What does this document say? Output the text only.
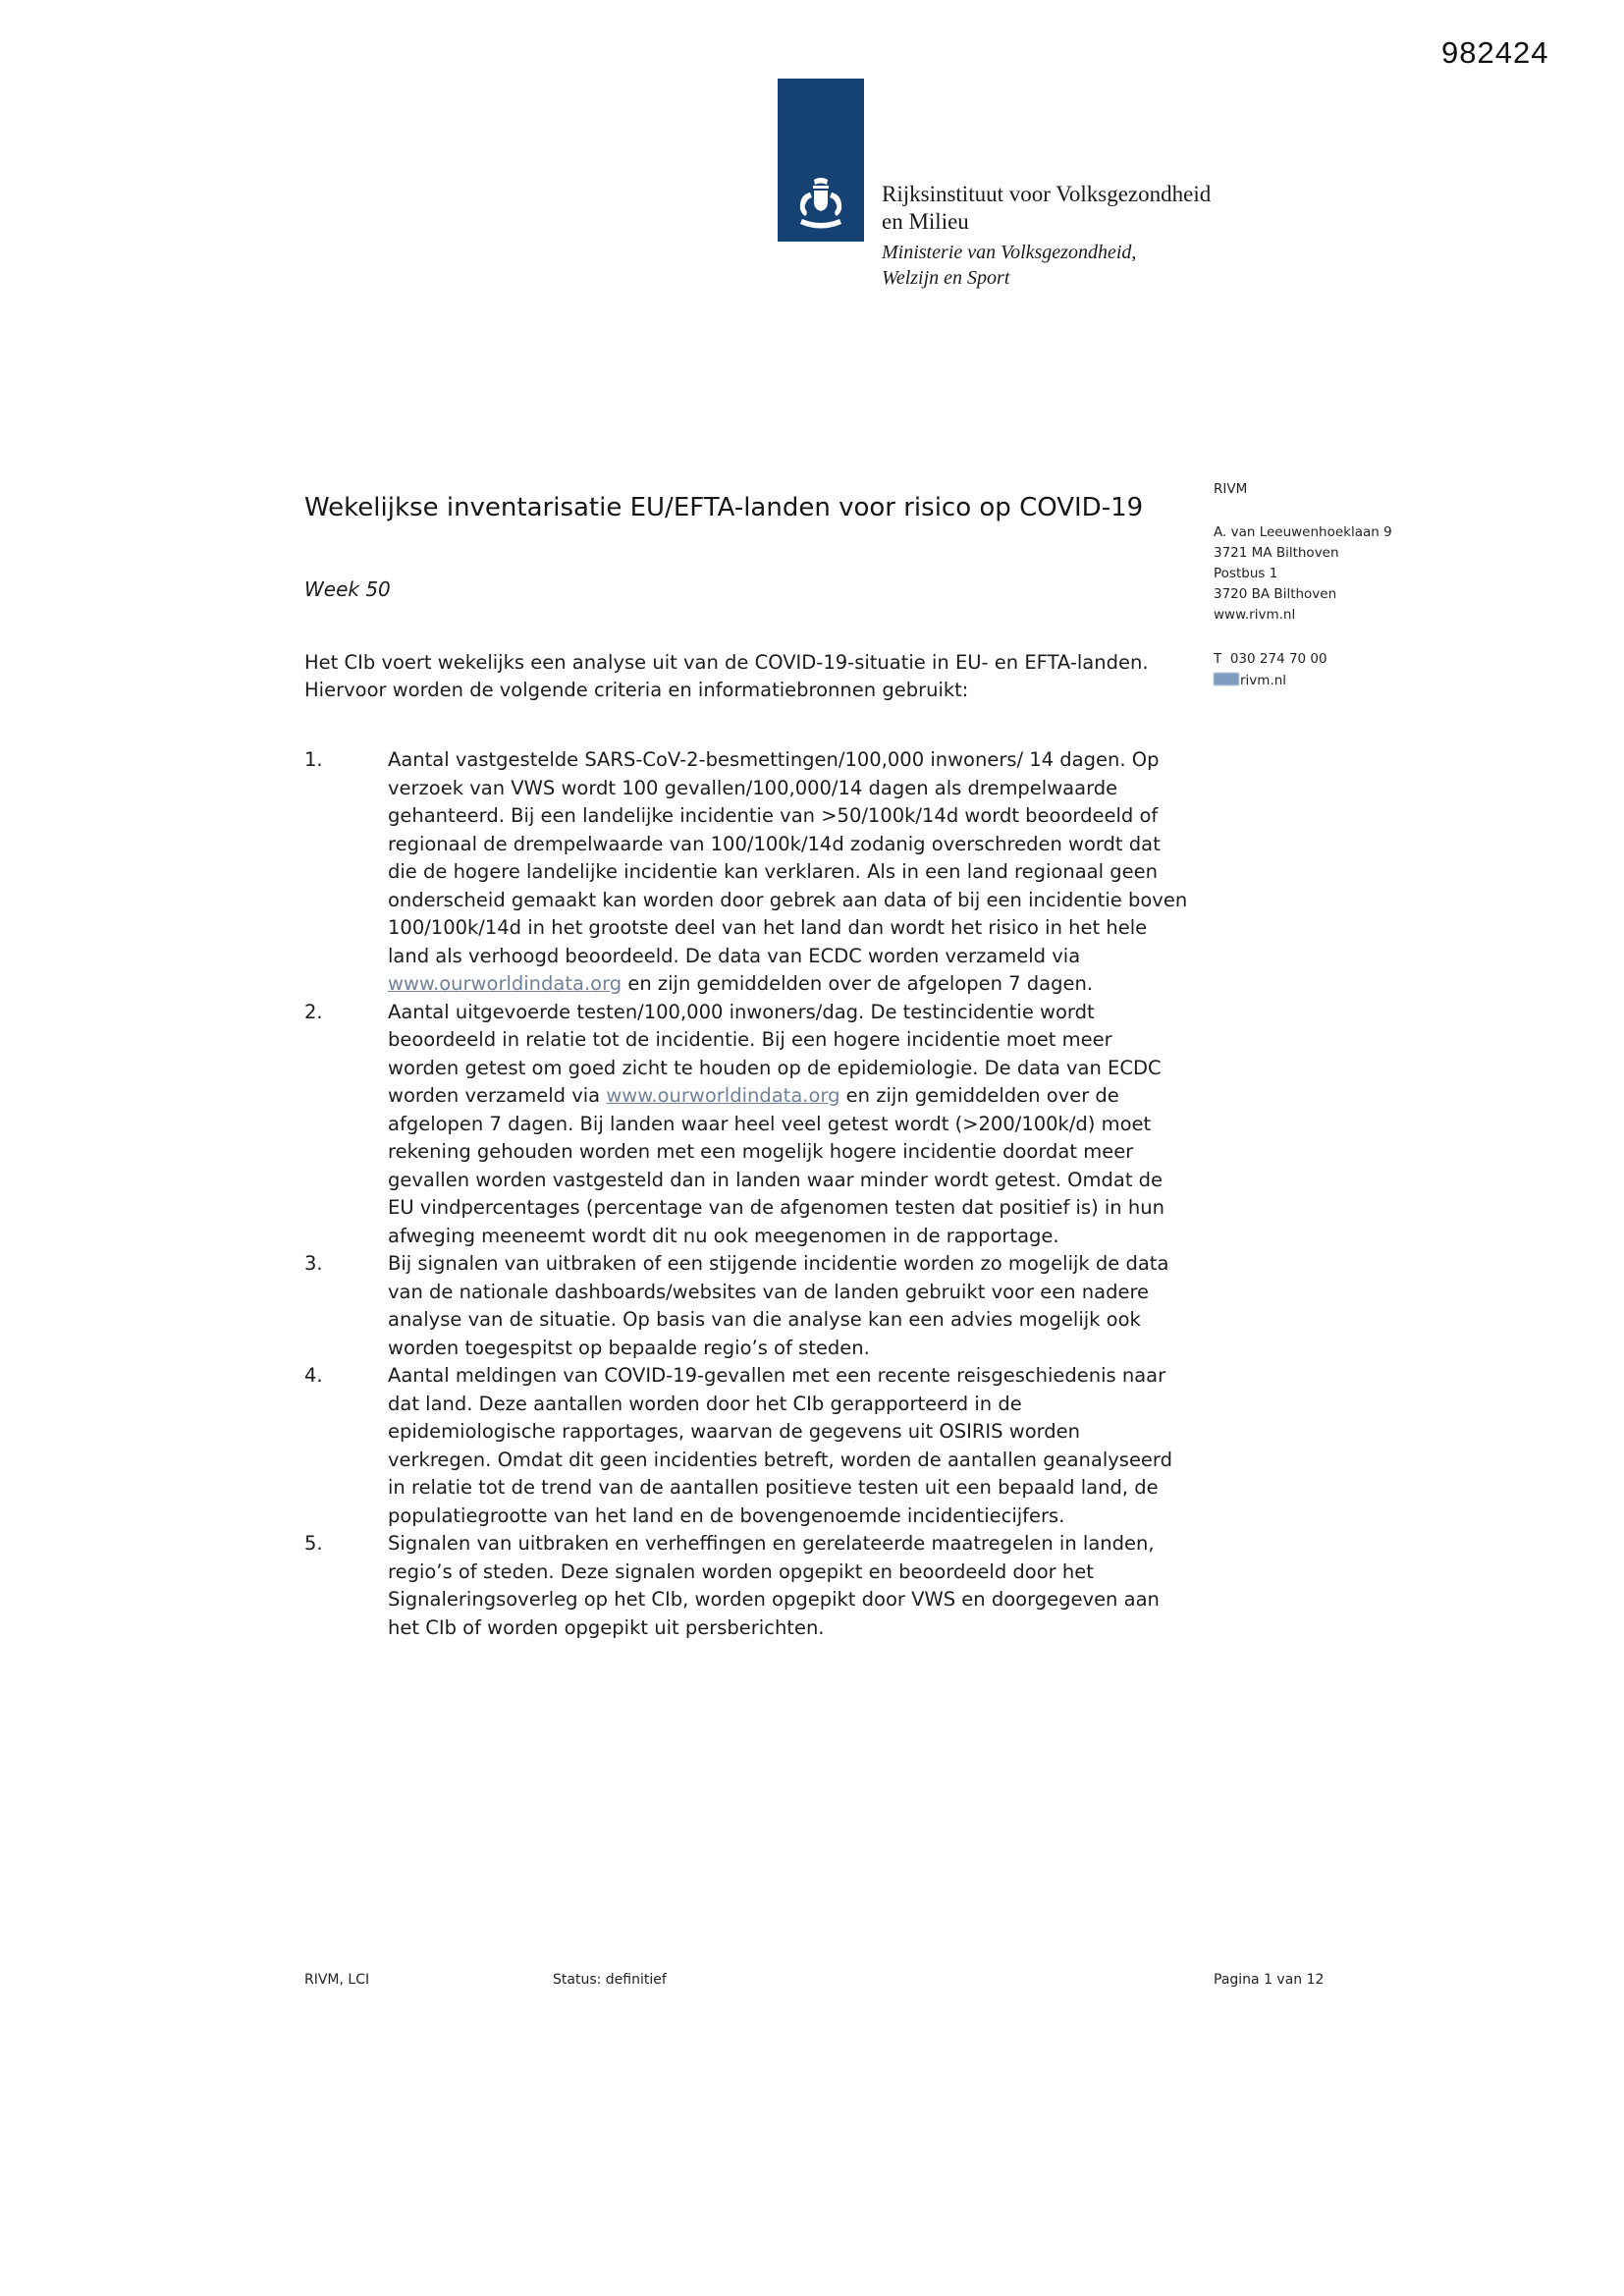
982424
Rijksinstituut voor Volksgezondheid
en Milieu
Ministerie van Volksgezondheid,
Welzijn en Sport
Wekelijkse inventarisatie EU/EFTA-landen voor risico op COVID-19
Week 50

Het CIb voert wekelijks een analyse uit van de COVID-19-situatie in EU- en EFTA-landen. Hiervoor worden de volgende criteria en informatiebronnen gebruikt:

1.	Aantal vastgestelde SARS-CoV-2-besmettingen/100,000 inwoners/ 14 dagen. Op verzoek van VWS wordt 100 gevallen/100,000/14 dagen als drempelwaarde gehanteerd. Bij een landelijke incidentie van >50/100k/14d wordt beoordeeld of regionaal de drempelwaarde van 100/100k/14d zodanig overschreden wordt dat die de hogere landelijke incidentie kan verklaren. Als in een land regionaal geen onderscheid gemaakt kan worden door gebrek aan data of bij een incidentie boven 100/100k/14d in het grootste deel van het land dan wordt het risico in het hele land als verhoogd beoordeeld. De data van ECDC worden verzameld via www.ourworldindata.org en zijn gemiddelden over de afgelopen 7 dagen.
2.	Aantal uitgevoerde testen/100,000 inwoners/dag. De testincidentie wordt beoordeeld in relatie tot de incidentie. Bij een hogere incidentie moet meer worden getest om goed zicht te houden op de epidemiologie. De data van ECDC worden verzameld via www.ourworldindata.org en zijn gemiddelden over de afgelopen 7 dagen. Bij landen waar heel veel getest wordt (>200/100k/d) moet rekening gehouden worden met een mogelijk hogere incidentie doordat meer gevallen worden vastgesteld dan in landen waar minder wordt getest. Omdat de EU vindpercentages (percentage van de afgenomen testen dat positief is) in hun afweging meeneemt wordt dit nu ook meegenomen in de rapportage.
3.	Bij signalen van uitbraken of een stijgende incidentie worden zo mogelijk de data van de nationale dashboards/websites van de landen gebruikt voor een nadere analyse van de situatie. Op basis van die analyse kan een advies mogelijk ook worden toegespitst op bepaalde regio’s of steden.
4.	Aantal meldingen van COVID-19-gevallen met een recente reisgeschiedenis naar dat land. Deze aantallen worden door het CIb gerapporteerd in de epidemiologische rapportages, waarvan de gegevens uit OSIRIS worden verkregen. Omdat dit geen incidenties betreft, worden de aantallen geanalyseerd in relatie tot de trend van de aantallen positieve testen uit een bepaald land, de populatiegrootte van het land en de bovengenoemde incidentiecijfers.
5.	Signalen van uitbraken en verheffingen en gerelateerde maatregelen in landen, regio’s of steden. Deze signalen worden opgepikt en beoordeeld door het Signaleringsoverleg op het CIb, worden opgepikt door VWS en doorgegeven aan het CIb of worden opgepikt uit persberichten.
RIVM
A. van Leeuwenhoeklaan 9
3721 MA Bilthoven
Postbus 1
3720 BA Bilthoven
www.rivm.nl
T  030 274 70 00
rivm.nl
RIVM, LCI	Status: definitief	Pagina 1 van 12
